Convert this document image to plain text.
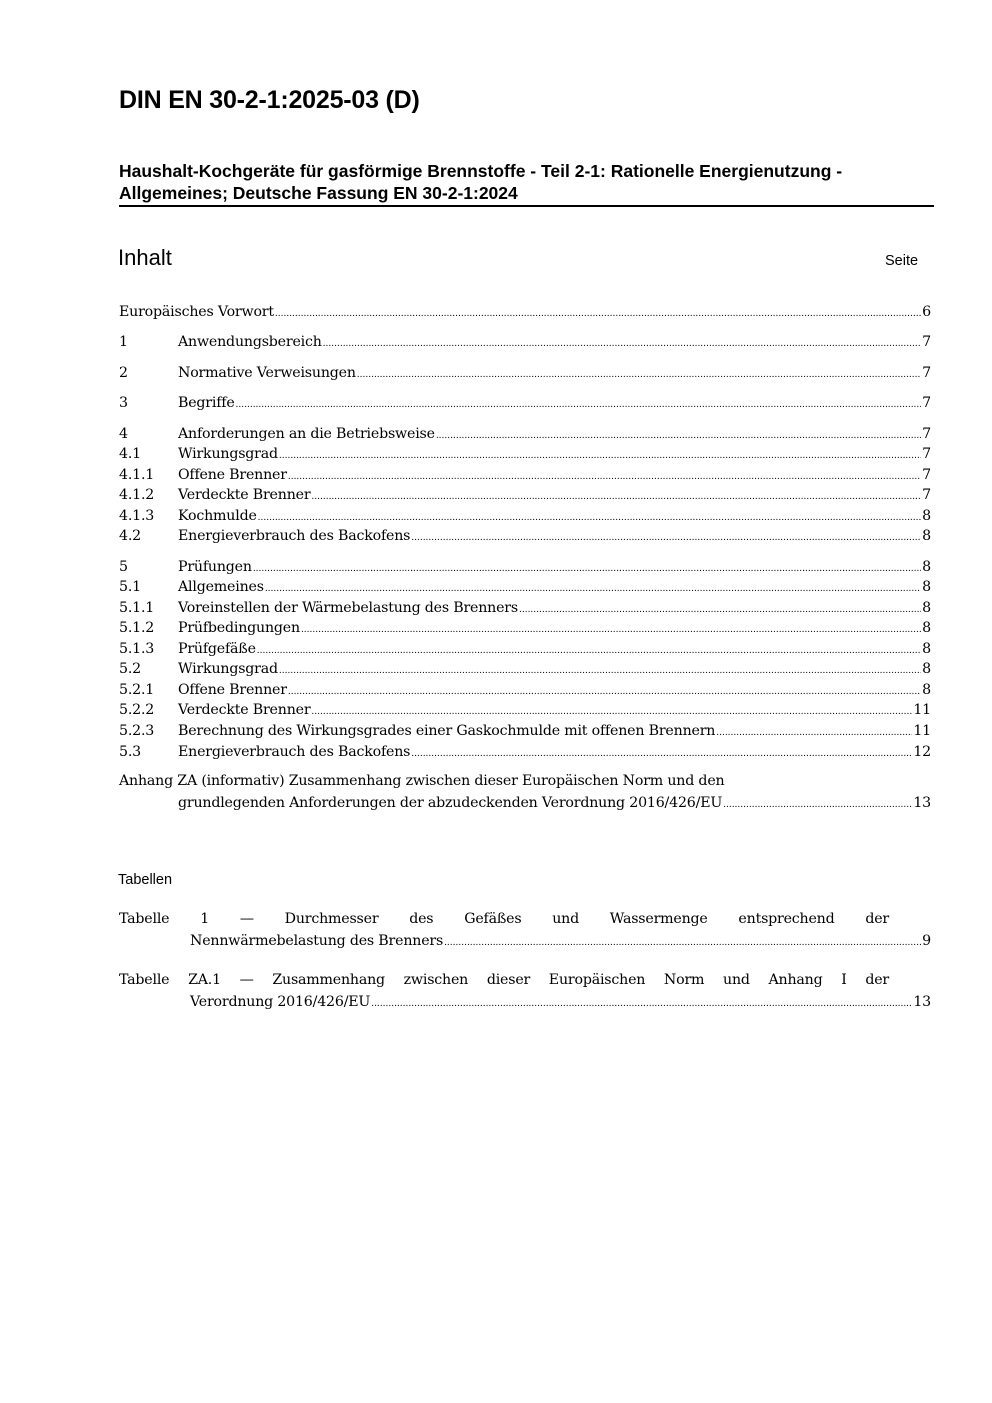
DIN EN 30-2-1:2025-03 (D)
Haushalt-Kochgeräte für gasförmige Brennstoffe - Teil 2-1: Rationelle Energienutzung - Allgemeines; Deutsche Fassung EN 30-2-1:2024
Inhalt	Seite
Europäisches Vorwort .....	6
1	Anwendungsbereich .....	7
2	Normative Verweisungen .....	7
3	Begriffe .....	7
4	Anforderungen an die Betriebsweise .....	7
4.1	Wirkungsgrad .....	7
4.1.1	Offene Brenner .....	7
4.1.2	Verdeckte Brenner .....	7
4.1.3	Kochmulde .....	8
4.2	Energieverbrauch des Backofens .....	8
5	Prüfungen .....	8
5.1	Allgemeines .....	8
5.1.1	Voreinstellen der Wärmebelastung des Brenners .....	8
5.1.2	Prüfbedingungen .....	8
5.1.3	Prüfgefäße .....	8
5.2	Wirkungsgrad .....	8
5.2.1	Offene Brenner .....	8
5.2.2	Verdeckte Brenner .....	11
5.2.3	Berechnung des Wirkungsgrades einer Gaskochmulde mit offenen Brennern .....	11
5.3	Energieverbrauch des Backofens .....	12
Anhang ZA (informativ) Zusammenhang zwischen dieser Europäischen Norm und den
grundlegenden Anforderungen der abzudeckenden Verordnung 2016/426/EU .....	13
Tabellen
Tabelle 1 — Durchmesser des Gefäßes und Wassermenge entsprechend der
Nennwärmebelastung des Brenners .....	9
Tabelle ZA.1 — Zusammenhang zwischen dieser Europäischen Norm und Anhang I der
Verordnung 2016/426/EU .....	13
